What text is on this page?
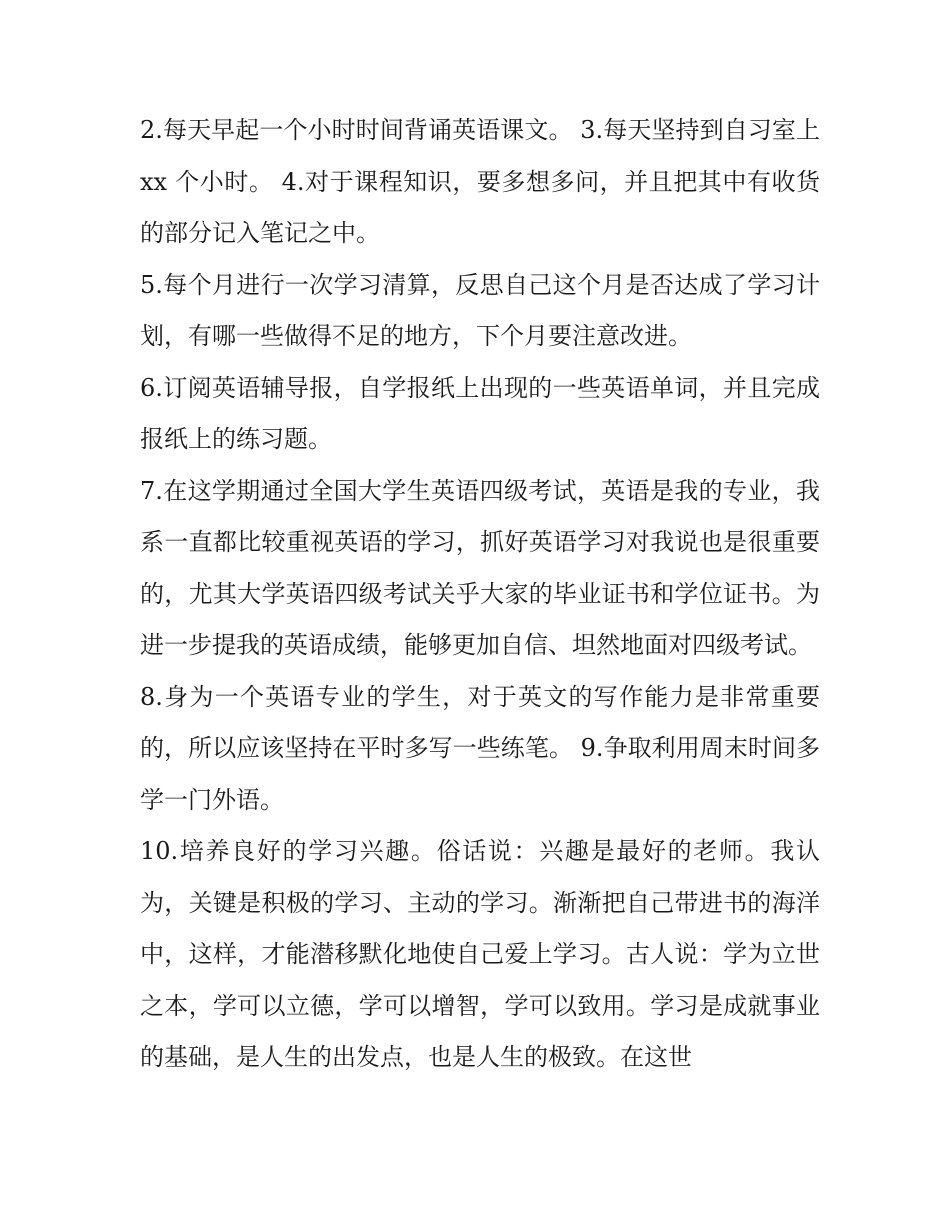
2.每天早起一个小时时间背诵英语课文。 3.每天坚持到自习室上 xx 个小时。 4.对于课程知识，要多想多问，并且把其中有收货的部分记入笔记之中。

5.每个月进行一次学习清算，反思自己这个月是否达成了学习计划，有哪一些做得不足的地方，下个月要注意改进。

6.订阅英语辅导报，自学报纸上出现的一些英语单词，并且完成报纸上的练习题。

7.在这学期通过全国大学生英语四级考试，英语是我的专业，我系一直都比较重视英语的学习，抓好英语学习对我说也是很重要的，尤其大学英语四级考试关乎大家的毕业证书和学位证书。为进一步提我的英语成绩，能够更加自信、坦然地面对四级考试。

8.身为一个英语专业的学生，对于英文的写作能力是非常重要的，所以应该坚持在平时多写一些练笔。 9.争取利用周末时间多学一门外语。

10.培养良好的学习兴趣。俗话说：兴趣是最好的老师。我认为，关键是积极的学习、主动的学习。渐渐把自己带进书的海洋中，这样，才能潜移默化地使自己爱上学习。古人说：学为立世之本，学可以立德，学可以增智，学可以致用。学习是成就事业的基础，是人生的出发点，也是人生的极致。在这世
